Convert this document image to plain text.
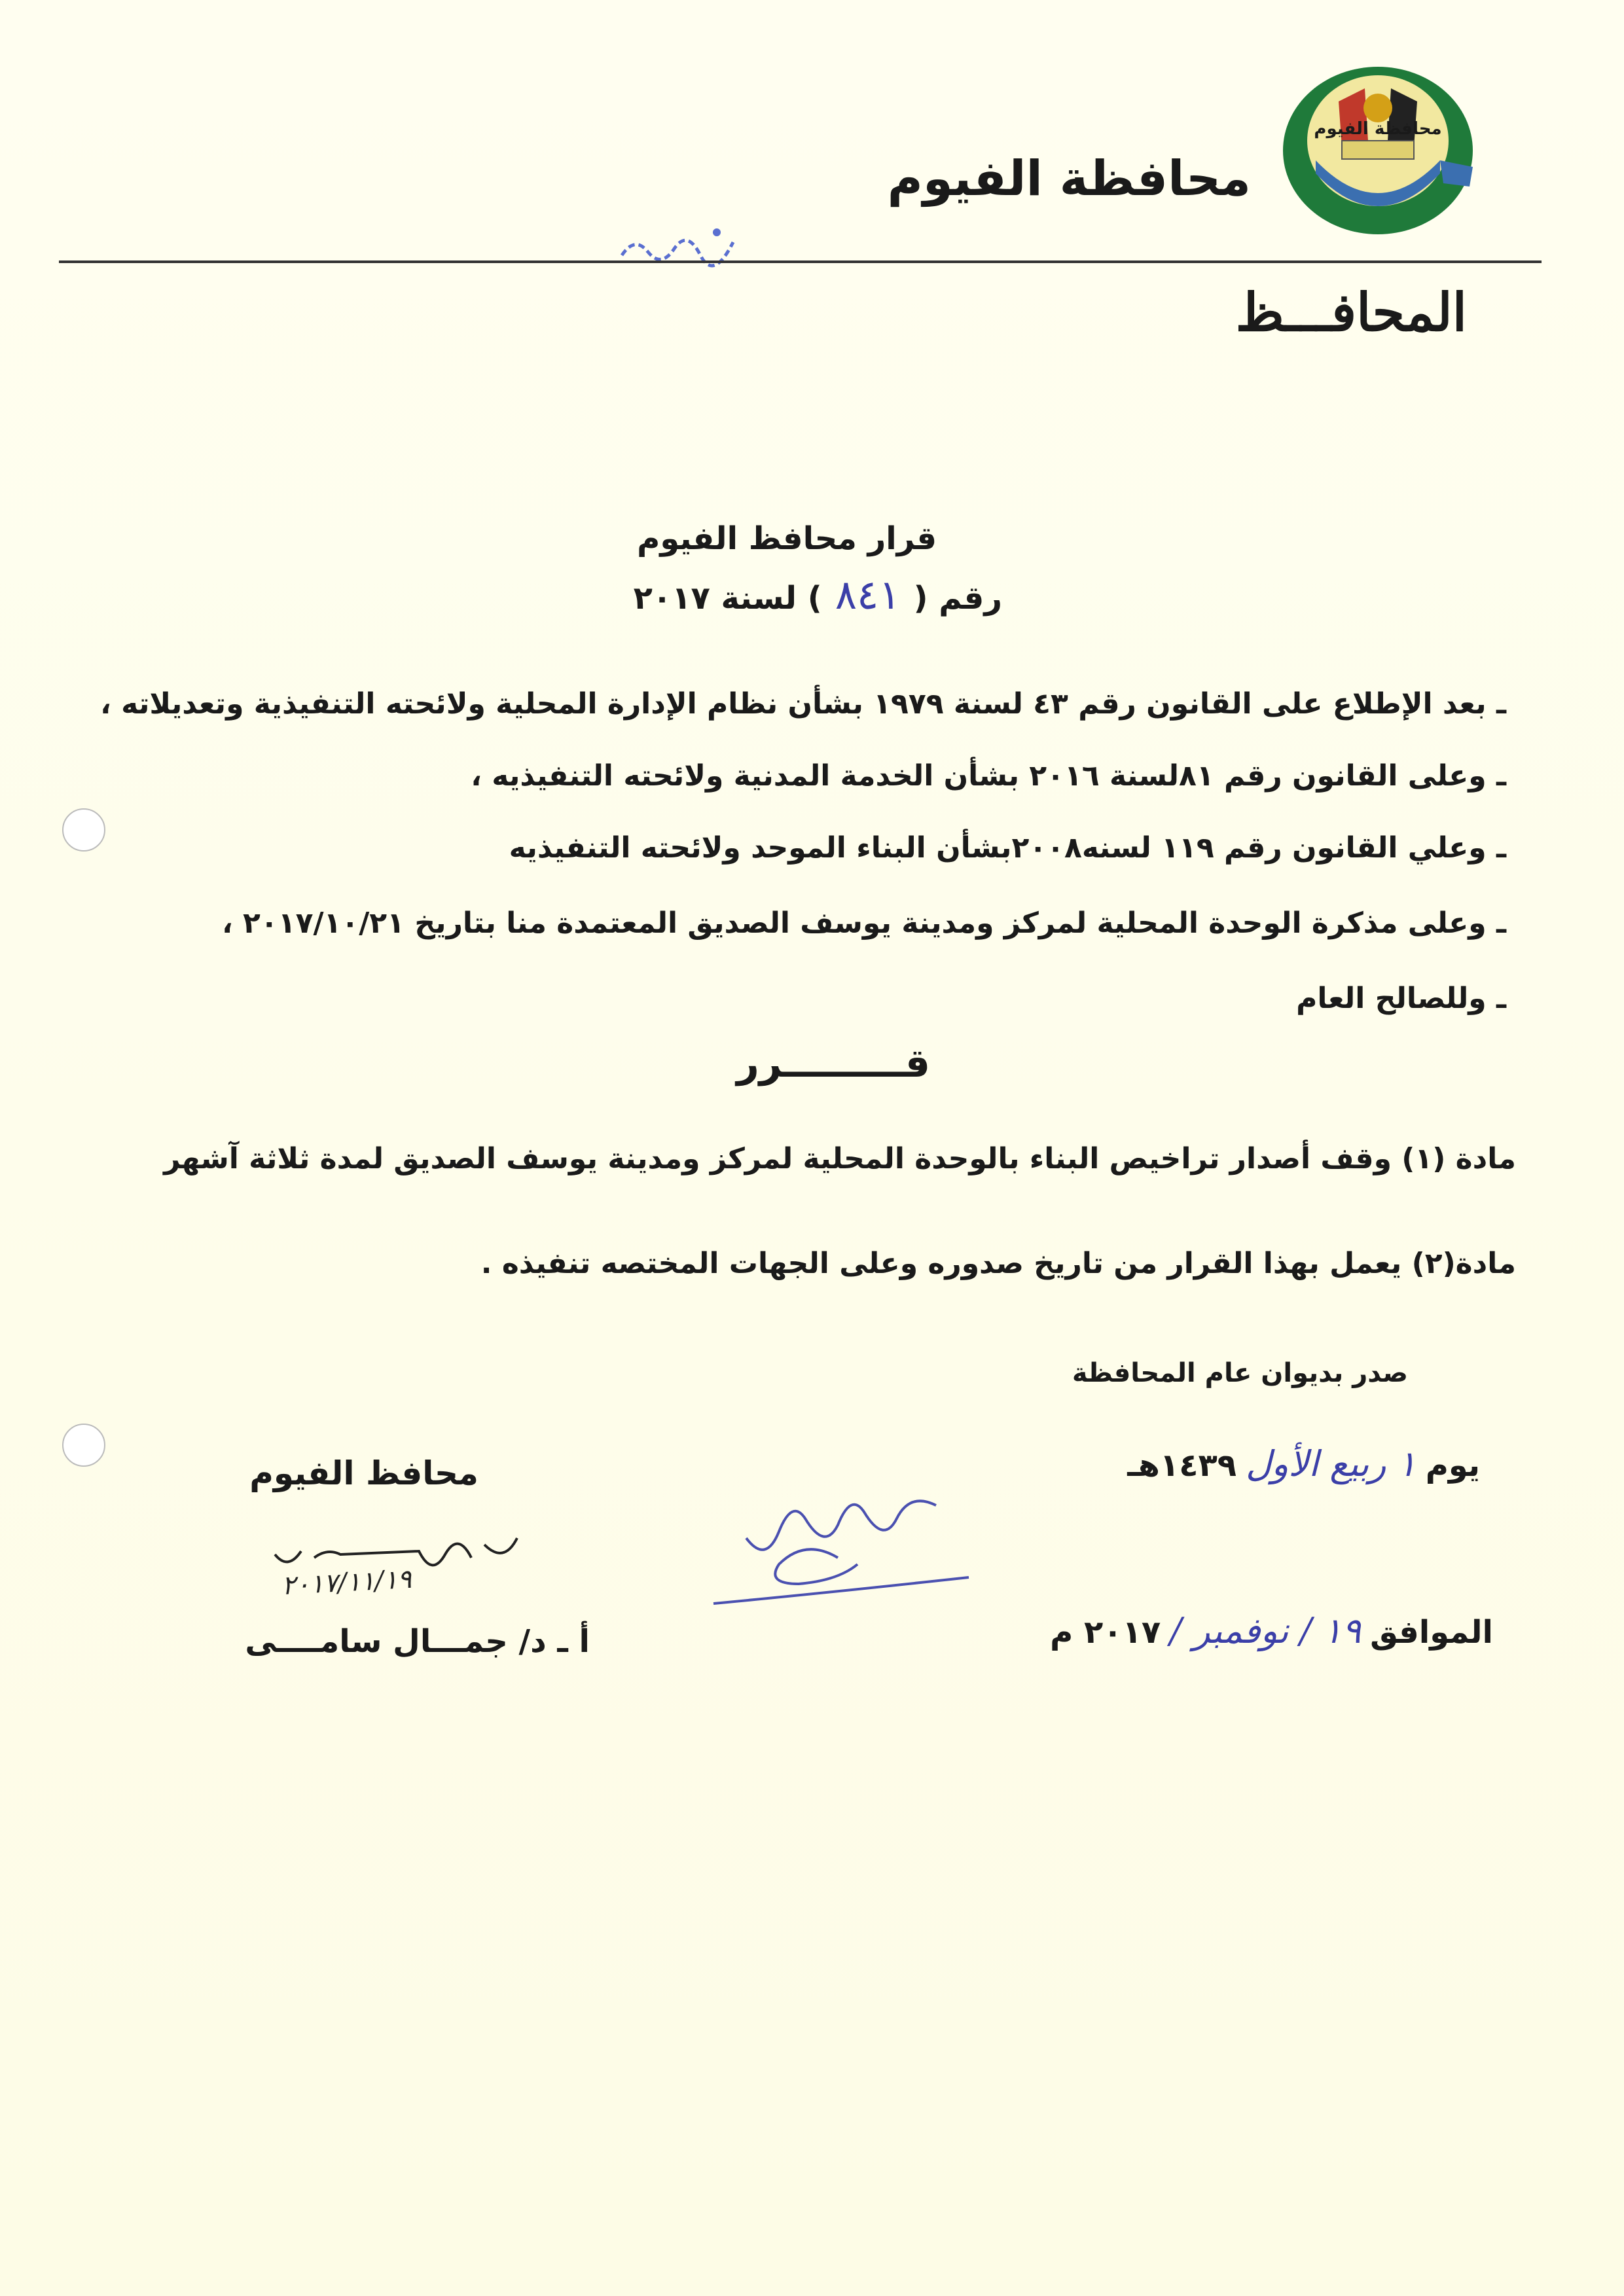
محافظة الفيوم
محافظة الفيوم
المحافـــظ
قرار محافظ الفيوم
رقم (٨٤١) لسنة ٢٠١٧
ـ بعد الإطلاع على القانون رقم ٤٣ لسنة ١٩٧٩ بشأن نظام الإدارة المحلية ولائحته التنفيذية وتعديلاته ،
ـ وعلى القانون رقم ٨١لسنة ٢٠١٦ بشأن الخدمة المدنية ولائحته التنفيذيه ،
ـ وعلي القانون رقم ١١٩ لسنه٢٠٠٨بشأن البناء الموحد ولائحته التنفيذيه
ـ وعلى مذكرة الوحدة المحلية لمركز ومدينة يوسف الصديق المعتمدة منا بتاريخ ٢٠١٧/١٠/٢١ ،
ـ وللصالح العام
قـــــــــرر
مادة (١) وقف أصدار تراخيص البناء بالوحدة المحلية لمركز ومدينة يوسف الصديق لمدة ثلاثة آشهر
مادة(٢) يعمل بهذا القرار من تاريخ صدوره وعلى الجهات المختصه تنفيذه .
صدر بديوان عام المحافظة
يوم١ ربيع الأول١٤٣٩هـ
الموافق١٩ / نوفمبر /٢٠١٧ م
محافظ الفيوم
٢٠١٧/١١/١٩
أ ـ د/ جمـــال سامــــى
